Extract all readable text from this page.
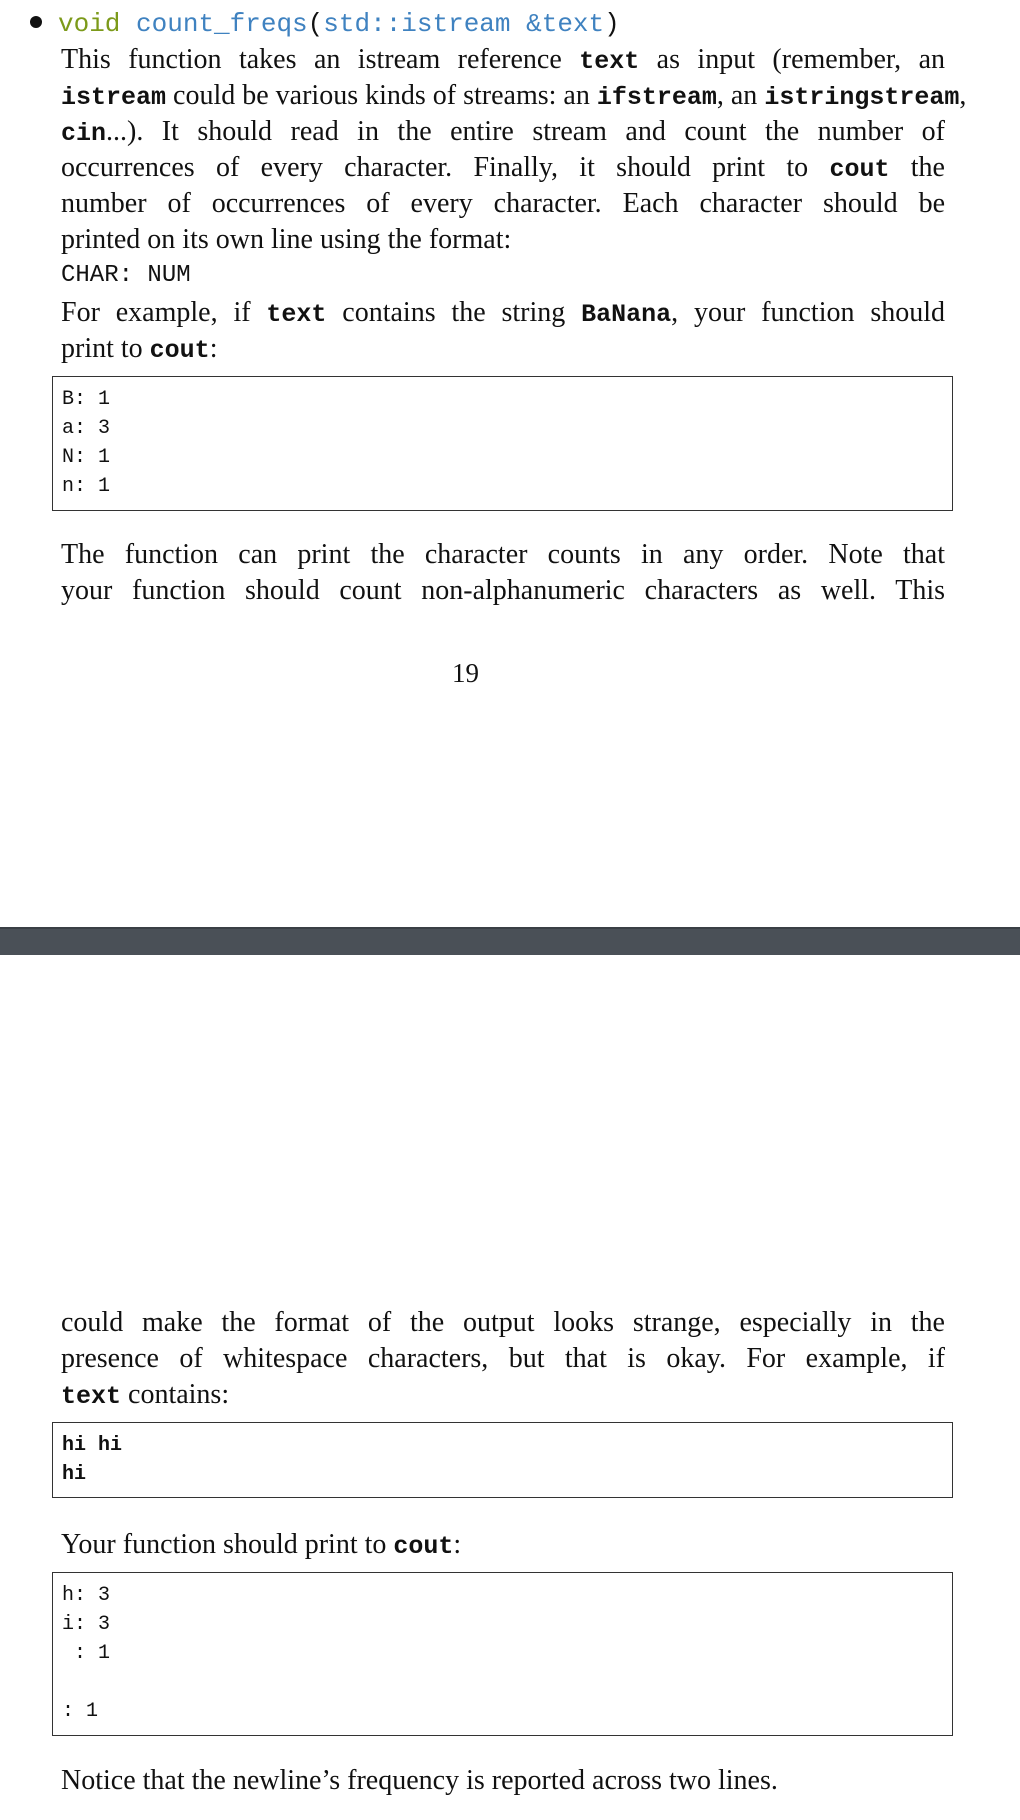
void count_freqs(std::istream &text)
This function takes an istream reference text as input (remember, an
istream could be various kinds of streams: an ifstream, an istringstream,
cin...). It should read in the entire stream and count the number of
occurrences of every character. Finally, it should print to cout the
number of occurrences of every character. Each character should be
printed on its own line using the format:
CHAR: NUM
For example, if text contains the string BaNana, your function should
print to cout:
B: 1
a: 3
N: 1
n: 1
The function can print the character counts in any order. Note that
your function should count non-alphanumeric characters as well. This
19
could make the format of the output looks strange, especially in the
presence of whitespace characters, but that is okay. For example, if
text contains:
hi hi
hi
Your function should print to cout:
h: 3
i: 3
: 1

: 1
Notice that the newline’s frequency is reported across two lines.
